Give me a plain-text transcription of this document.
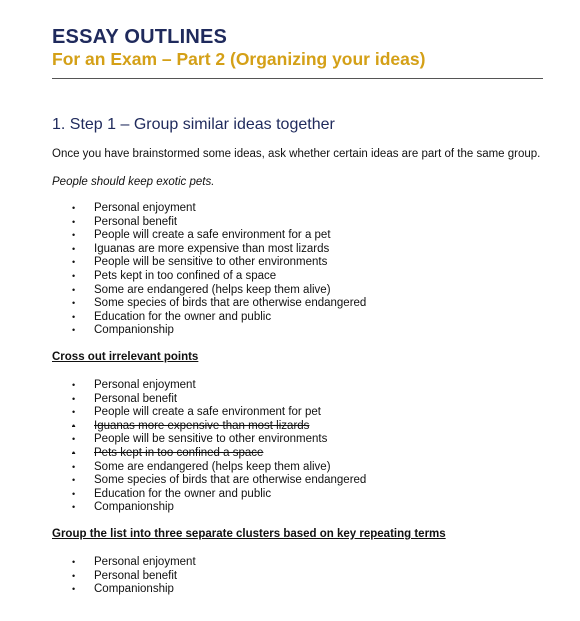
ESSAY OUTLINES
For an Exam – Part 2 (Organizing your ideas)
1. Step 1 – Group similar ideas together
Once you have brainstormed some ideas, ask whether certain ideas are part of the same group.
People should keep exotic pets.
• Personal enjoyment
• Personal benefit
• People will create a safe environment for a pet
• Iguanas are more expensive than most lizards
• People will be sensitive to other environments
• Pets kept in too confined of a space
• Some are endangered (helps keep them alive)
• Some species of birds that are otherwise endangered
• Education for the owner and public
• Companionship
Cross out irrelevant points
• Personal enjoyment
• Personal benefit
• People will create a safe environment for pet
• Iguanas more expensive than most lizards
• People will be sensitive to other environments
• Pets kept in too confined a space
• Some are endangered (helps keep them alive)
• Some species of birds that are otherwise endangered
• Education for the owner and public
• Companionship
Group the list into three separate clusters based on key repeating terms
• Personal enjoyment
• Personal benefit
• Companionship
